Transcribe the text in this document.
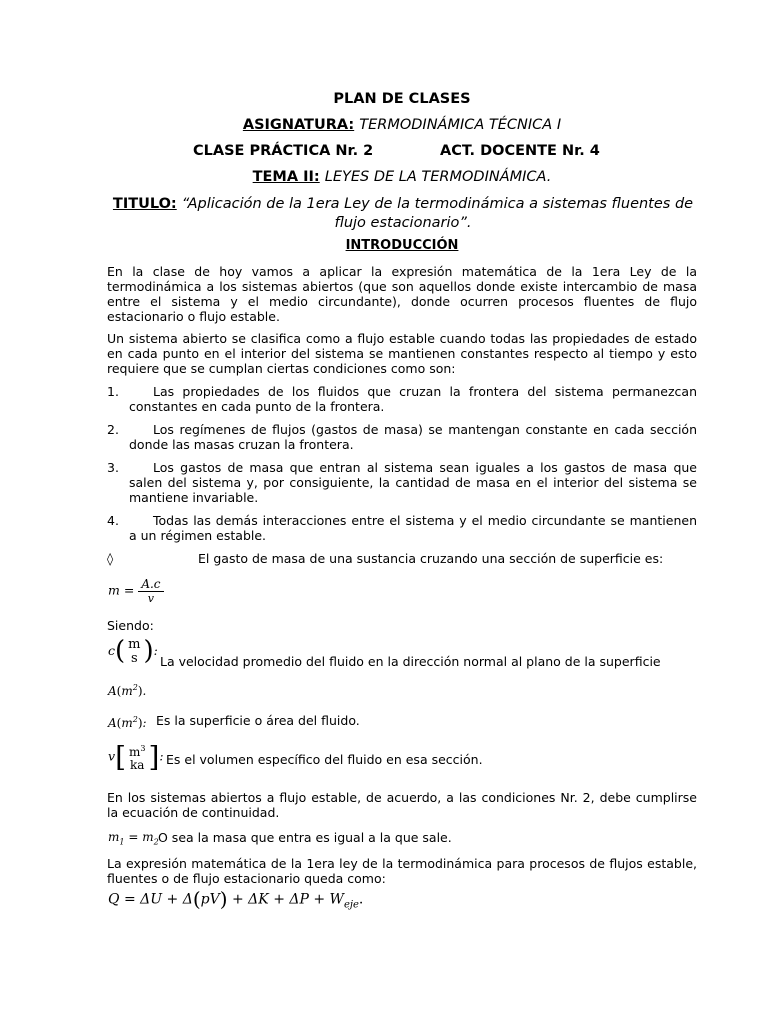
PLAN DE CLASES
ASIGNATURA: TERMODINÁMICA TÉCNICA I
CLASE PRÁCTICA Nr. 2	ACT. DOCENTE Nr. 4
TEMA II: LEYES DE LA TERMODINÁMICA.
TITULO: “Aplicación de la 1era Ley de la termodinámica a sistemas fluentes de flujo estacionario”.
INTRODUCCIÓN
En la clase de hoy vamos a aplicar la expresión matemática de la 1era Ley de la termodinámica a los sistemas abiertos (que son aquellos donde existe intercambio de masa entre el sistema y el medio circundante), donde ocurren procesos fluentes de flujo estacionario o flujo estable.
Un sistema abierto se clasifica como a flujo estable cuando todas las propiedades de estado en cada punto en el interior del sistema se mantienen constantes respecto al tiempo y esto requiere que se cumplan ciertas condiciones como son:
1.	Las propiedades de los fluidos que cruzan la frontera del sistema permanezcan constantes en cada punto de la frontera.
2.	Los regímenes de flujos (gastos de masa) se mantengan constante en cada sección donde las masas cruzan la frontera.
3.	Los gastos de masa que entran al sistema sean iguales a los gastos de masa que salen del sistema y, por consiguiente, la cantidad de masa en el interior del sistema se mantiene invariable.
4.	Todas las demás interacciones entre el sistema y el medio circundante se mantienen a un régimen estable.
◊	El gasto de masa de una sustancia cruzando una sección de superficie es:
$m = \frac{A.c}{v}$
Siendo:
c( m
s ):
La velocidad promedio del fluido en la dirección normal al plano de la superficie
$A(m^2)$.
$A(m^2)$: Es la superficie o área del fluido.
v[ $m^3$
ka ]: Es el volumen específico del fluido en esa sección.
En los sistemas abiertos a flujo estable, de acuerdo, a las condiciones Nr. 2, debe cumplirse la ecuación de continuidad.
$m_1 = m_2$ O sea la masa que entra es igual a la que sale.
La expresión matemática de la 1era ley de la termodinámica para procesos de flujos estable, fluentes o de flujo estacionario queda como:
$Q = \Delta U + \Delta(pV) + \Delta K + \Delta P + W_{eje}$.
